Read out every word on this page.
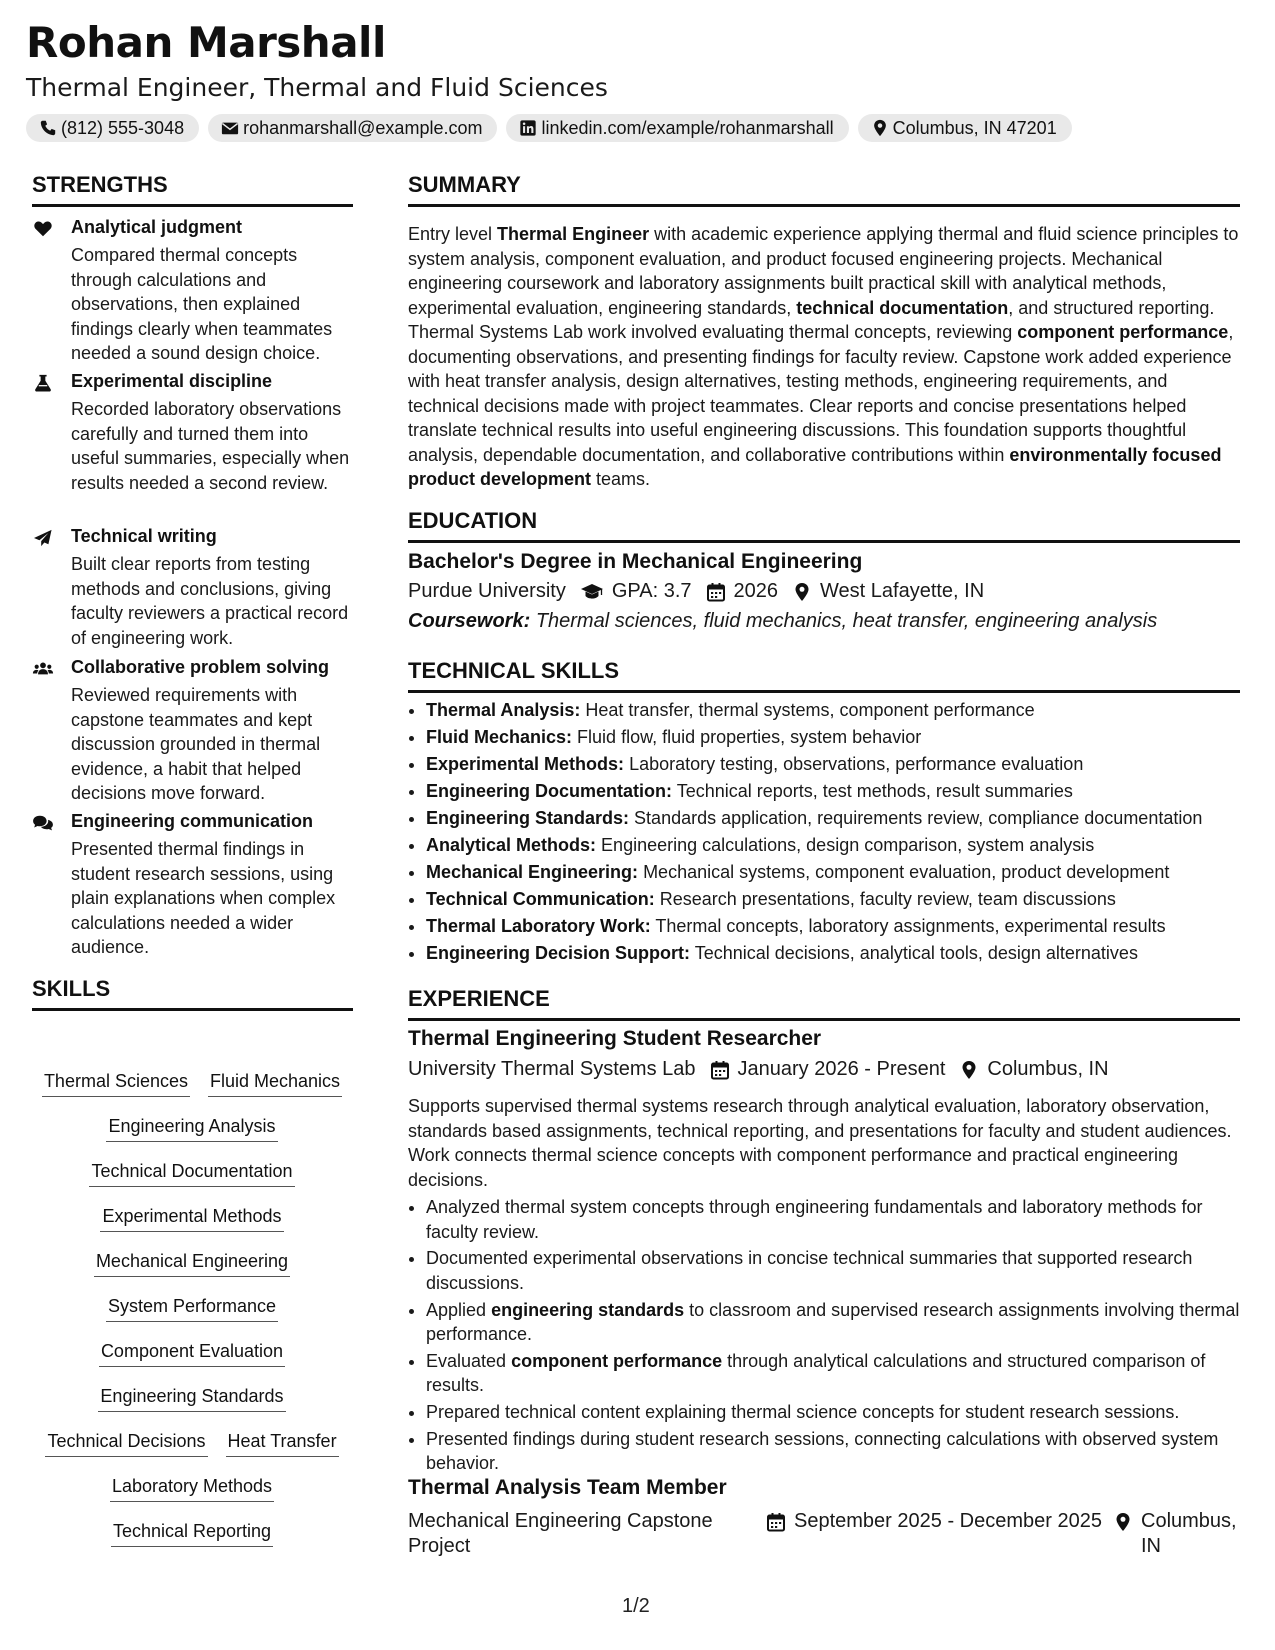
Rohan Marshall
Thermal Engineer, Thermal and Fluid Sciences
(812) 555-3048	rohanmarshall@example.com	linkedin.com/example/rohanmarshall	Columbus, IN 47201
STRENGTHS
Analytical judgment
Compared thermal concepts through calculations and observations, then explained findings clearly when teammates needed a sound design choice.
Experimental discipline
Recorded laboratory observations carefully and turned them into useful summaries, especially when results needed a second review.
Technical writing
Built clear reports from testing methods and conclusions, giving faculty reviewers a practical record of engineering work.
Collaborative problem solving
Reviewed requirements with capstone teammates and kept discussion grounded in thermal evidence, a habit that helped decisions move forward.
Engineering communication
Presented thermal findings in student research sessions, using plain explanations when complex calculations needed a wider audience.
SKILLS
Thermal Sciences Fluid Mechanics
Engineering Analysis
Technical Documentation
Experimental Methods
Mechanical Engineering
System Performance
Component Evaluation
Engineering Standards
Technical Decisions Heat Transfer
Laboratory Methods
Technical Reporting
SUMMARY
Entry level Thermal Engineer with academic experience applying thermal and fluid science principles to system analysis, component evaluation, and product focused engineering projects. Mechanical engineering coursework and laboratory assignments built practical skill with analytical methods, experimental evaluation, engineering standards, technical documentation, and structured reporting. Thermal Systems Lab work involved evaluating thermal concepts, reviewing component performance, documenting observations, and presenting findings for faculty review. Capstone work added experience with heat transfer analysis, design alternatives, testing methods, engineering requirements, and technical decisions made with project teammates. Clear reports and concise presentations helped translate technical results into useful engineering discussions. This foundation supports thoughtful analysis, dependable documentation, and collaborative contributions within environmentally focused product development teams.
EDUCATION
Bachelor's Degree in Mechanical Engineering
Purdue University GPA: 3.7 2026 West Lafayette, IN
Coursework: Thermal sciences, fluid mechanics, heat transfer, engineering analysis
TECHNICAL SKILLS
• Thermal Analysis: Heat transfer, thermal systems, component performance
• Fluid Mechanics: Fluid flow, fluid properties, system behavior
• Experimental Methods: Laboratory testing, observations, performance evaluation
• Engineering Documentation: Technical reports, test methods, result summaries
• Engineering Standards: Standards application, requirements review, compliance documentation
• Analytical Methods: Engineering calculations, design comparison, system analysis
• Mechanical Engineering: Mechanical systems, component evaluation, product development
• Technical Communication: Research presentations, faculty review, team discussions
• Thermal Laboratory Work: Thermal concepts, laboratory assignments, experimental results
• Engineering Decision Support: Technical decisions, analytical tools, design alternatives
EXPERIENCE
Thermal Engineering Student Researcher
University Thermal Systems Lab January 2026 - Present Columbus, IN
Supports supervised thermal systems research through analytical evaluation, laboratory observation, standards based assignments, technical reporting, and presentations for faculty and student audiences. Work connects thermal science concepts with component performance and practical engineering decisions.
• Analyzed thermal system concepts through engineering fundamentals and laboratory methods for faculty review.
• Documented experimental observations in concise technical summaries that supported research discussions.
• Applied engineering standards to classroom and supervised research assignments involving thermal performance.
• Evaluated component performance through analytical calculations and structured comparison of results.
• Prepared technical content explaining thermal science concepts for student research sessions.
• Presented findings during student research sessions, connecting calculations with observed system behavior.
Thermal Analysis Team Member
Mechanical Engineering Capstone Project
September 2025 - December 2025 Columbus, IN
1/2
